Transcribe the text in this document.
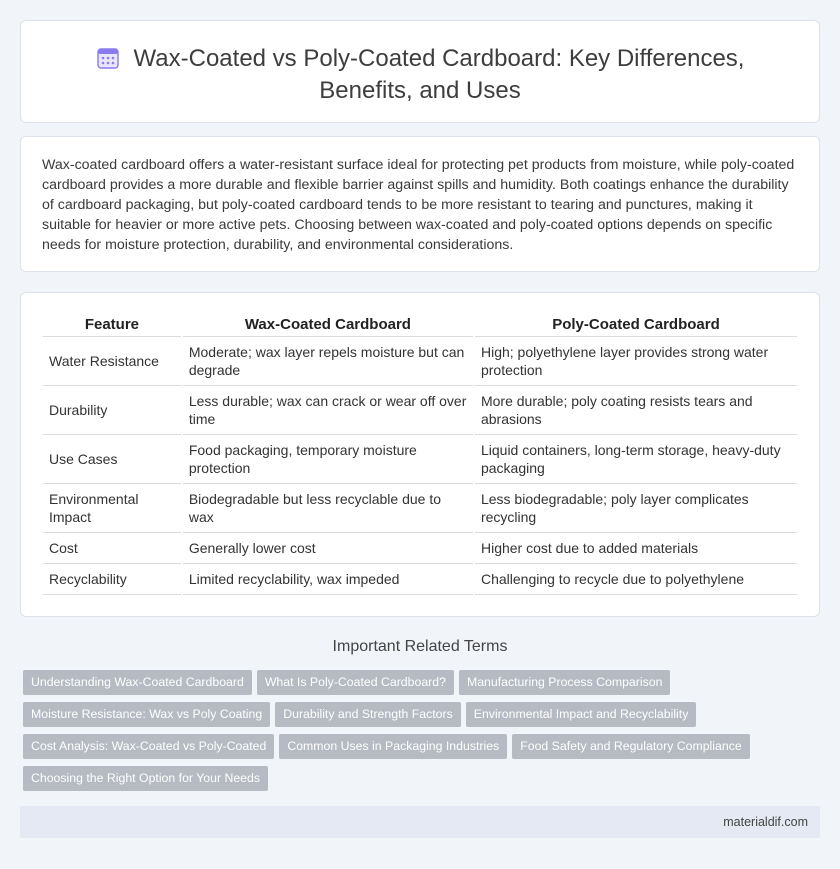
Wax-Coated vs Poly-Coated Cardboard: Key Differences, Benefits, and Uses

Wax-coated cardboard offers a water-resistant surface ideal for protecting pet products from moisture, while poly-coated cardboard provides a more durable and flexible barrier against spills and humidity. Both coatings enhance the durability of cardboard packaging, but poly-coated cardboard tends to be more resistant to tearing and punctures, making it suitable for heavier or more active pets. Choosing between wax-coated and poly-coated options depends on specific needs for moisture protection, durability, and environmental considerations.

Feature	Wax-Coated Cardboard	Poly-Coated Cardboard
Water Resistance	Moderate; wax layer repels moisture but can degrade	High; polyethylene layer provides strong water protection
Durability	Less durable; wax can crack or wear off over time	More durable; poly coating resists tears and abrasions
Use Cases	Food packaging, temporary moisture protection	Liquid containers, long-term storage, heavy-duty packaging
Environmental Impact	Biodegradable but less recyclable due to wax	Less biodegradable; poly layer complicates recycling
Cost	Generally lower cost	Higher cost due to added materials
Recyclability	Limited recyclability, wax impeded	Challenging to recycle due to polyethylene
Important Related Terms
Understanding Wax-Coated Cardboard What Is Poly-Coated Cardboard? Manufacturing Process Comparison
Moisture Resistance: Wax vs Poly Coating Durability and Strength Factors Environmental Impact and Recyclability
Cost Analysis: Wax-Coated vs Poly-Coated Common Uses in Packaging Industries Food Safety and Regulatory Compliance
Choosing the Right Option for Your Needs
materialdif.com
